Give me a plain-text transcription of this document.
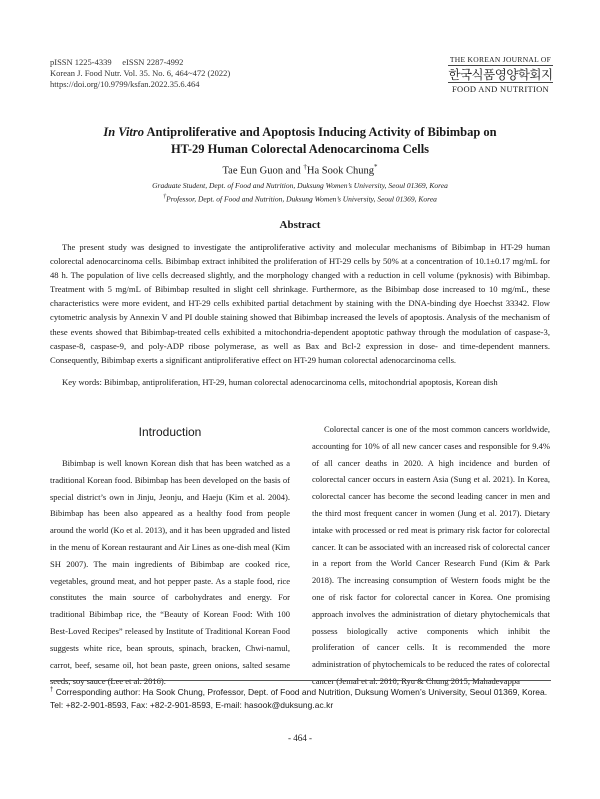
pISSN 1225-4339     eISSN 2287-4992
Korean J. Food Nutr. Vol. 35. No. 6, 464~472 (2022)
https://doi.org/10.9799/ksfan.2022.35.6.464
THE KOREAN JOURNAL OF
한국식품영양학회지
FOOD AND NUTRITION
In Vitro Antiproliferative and Apoptosis Inducing Activity of Bibimbap on
HT-29 Human Colorectal Adenocarcinoma Cells
Tae Eun Guon and †Ha Sook Chung*
Graduate Student, Dept. of Food and Nutrition, Duksung Women’s University, Seoul 01369, Korea
†Professor, Dept. of Food and Nutrition, Duksung Women’s University, Seoul 01369, Korea
Abstract
The present study was designed to investigate the antiproliferative activity and molecular mechanisms of Bibimbap in HT-29 human colorectal adenocarcinoma cells. Bibimbap extract inhibited the proliferation of HT-29 cells by 50% at a concentration of 10.1±0.17 mg/mL for 48 h. The population of live cells decreased slightly, and the morphology changed with a reduction in cell volume (pyknosis) with Bibimbap. Treatment with 5 mg/mL of Bibimbap resulted in slight cell shrinkage. Furthermore, as the Bibimbap dose increased to 10 mg/mL, these characteristics were more evident, and HT-29 cells exhibited partial detachment by staining with the DNA-binding dye Hoechst 33342. Flow cytometric analysis by Annexin V and PI double staining showed that Bibimbap increased the levels of apoptosis. Analysis of the mechanism of these events showed that Bibimbap-treated cells exhibited a mitochondria-dependent apoptotic pathway through the modulation of caspase-3, caspase-8, caspase-9, and poly-ADP ribose polymerase, as well as Bax and Bcl-2 expression in dose- and time-dependent manners. Consequently, Bibimbap exerts a significant antiproliferative effect on HT-29 human colorectal adenocarcinoma cells.
Key words: Bibimbap, antiproliferation, HT-29, human colorectal adenocarcinoma cells, mitochondrial apoptosis, Korean dish
Introduction
Bibimbap is well known Korean dish that has been watched as a traditional Korean food. Bibimbap has been developed on the basis of special district’s own in Jinju, Jeonju, and Haeju (Kim et al. 2004). Bibimbap has been also appeared as a healthy food from people around the world (Ko et al. 2013), and it has been upgraded and listed in the menu of Korean restaurant and Air Lines as one-dish meal (Kim SH 2007). The main ingredients of Bibimbap are cooked rice, vegetables, ground meat, and hot pepper paste. As a staple food, rice constitutes the main source of carbohydrates and energy. For traditional Bibimbap rice, the “Beauty of Korean Food: With 100 Best-Loved Recipes” released by Institute of Traditional Korean Food suggests white rice, bean sprouts, spinach, bracken, Chwi-namul, carrot, beef, sesame oil, hot bean paste, green onions, salted sesame seeds, soy sauce (Lee et al. 2016).
Colorectal cancer is one of the most common cancers worldwide, accounting for 10% of all new cancer cases and responsible for 9.4% of all cancer deaths in 2020. A high incidence and burden of colorectal cancer occurs in eastern Asia (Sung et al. 2021). In Korea, colorectal cancer has become the second leading cancer in men and the third most frequent cancer in women (Jung et al. 2017). Dietary intake with processed or red meat is primary risk factor for colorectal cancer. It can be associated with an increased risk of colorectal cancer in a report from the World Cancer Research Fund (Kim & Park 2018). The increasing consumption of Western foods might be the one of risk factor for colorectal cancer in Korea. One promising approach involves the administration of dietary phytochemicals that possess biologically active components which inhibit the proliferation of cancer cells. It is recommended the more administration of phytochemicals to be reduced the rates of colorectal cancer (Jemal et al. 2010; Ryu & Chung 2015; Mahadevappa
† Corresponding author: Ha Sook Chung, Professor, Dept. of Food and Nutrition, Duksung Women’s University, Seoul 01369, Korea. Tel: +82-2-901-8593, Fax: +82-2-901-8593, E-mail: hasook@duksung.ac.kr
- 464 -
